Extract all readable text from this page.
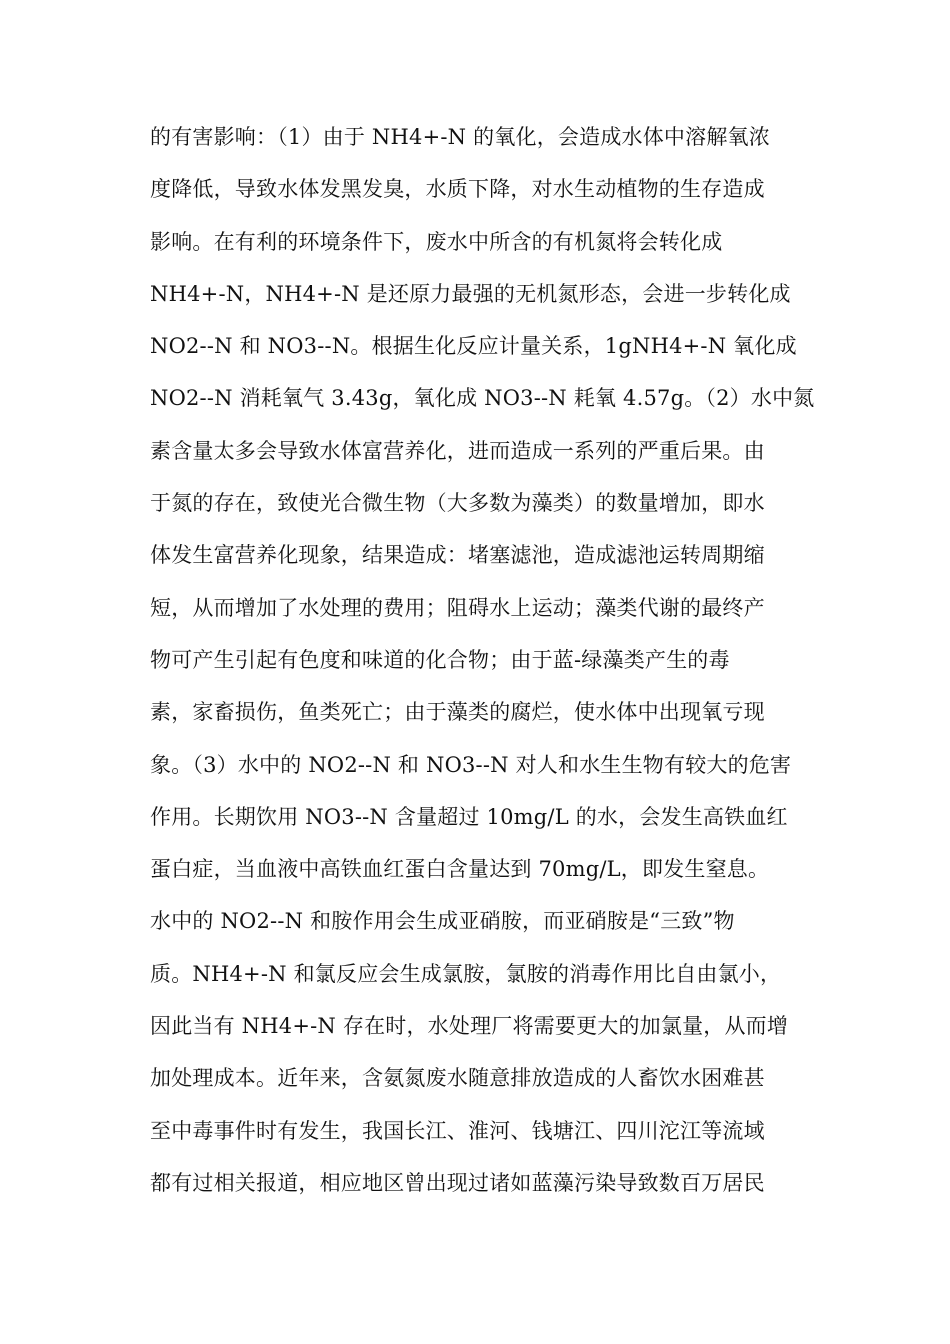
的有害影响：（1）由于 NH4+-N 的氧化，会造成水体中溶解氧浓
度降低，导致水体发黑发臭，水质下降，对水生动植物的生存造成
影响。在有利的环境条件下，废水中所含的有机氮将会转化成
NH4+-N，NH4+-N 是还原力最强的无机氮形态，会进一步转化成
NO2--N 和 NO3--N。根据生化反应计量关系，1gNH4+-N 氧化成
NO2--N 消耗氧气 3.43g，氧化成 NO3--N 耗氧 4.57g。（2）水中氮
素含量太多会导致水体富营养化，进而造成一系列的严重后果。由
于氮的存在，致使光合微生物（大多数为藻类）的数量增加，即水
体发生富营养化现象，结果造成：堵塞滤池，造成滤池运转周期缩
短，从而增加了水处理的费用；阻碍水上运动；藻类代谢的最终产
物可产生引起有色度和味道的化合物；由于蓝-绿藻类产生的毒
素，家畜损伤，鱼类死亡；由于藻类的腐烂，使水体中出现氧亏现
象。（3）水中的 NO2--N 和 NO3--N 对人和水生生物有较大的危害
作用。长期饮用 NO3--N 含量超过 10mg/L 的水，会发生高铁血红
蛋白症，当血液中高铁血红蛋白含量达到 70mg/L，即发生窒息。
水中的 NO2--N 和胺作用会生成亚硝胺，而亚硝胺是“三致”物
质。NH4+-N 和氯反应会生成氯胺，氯胺的消毒作用比自由氯小，
因此当有 NH4+-N 存在时，水处理厂将需要更大的加氯量，从而增
加处理成本。近年来，含氨氮废水随意排放造成的人畜饮水困难甚
至中毒事件时有发生，我国长江、淮河、钱塘江、四川沱江等流域
都有过相关报道，相应地区曾出现过诸如蓝藻污染导致数百万居民
